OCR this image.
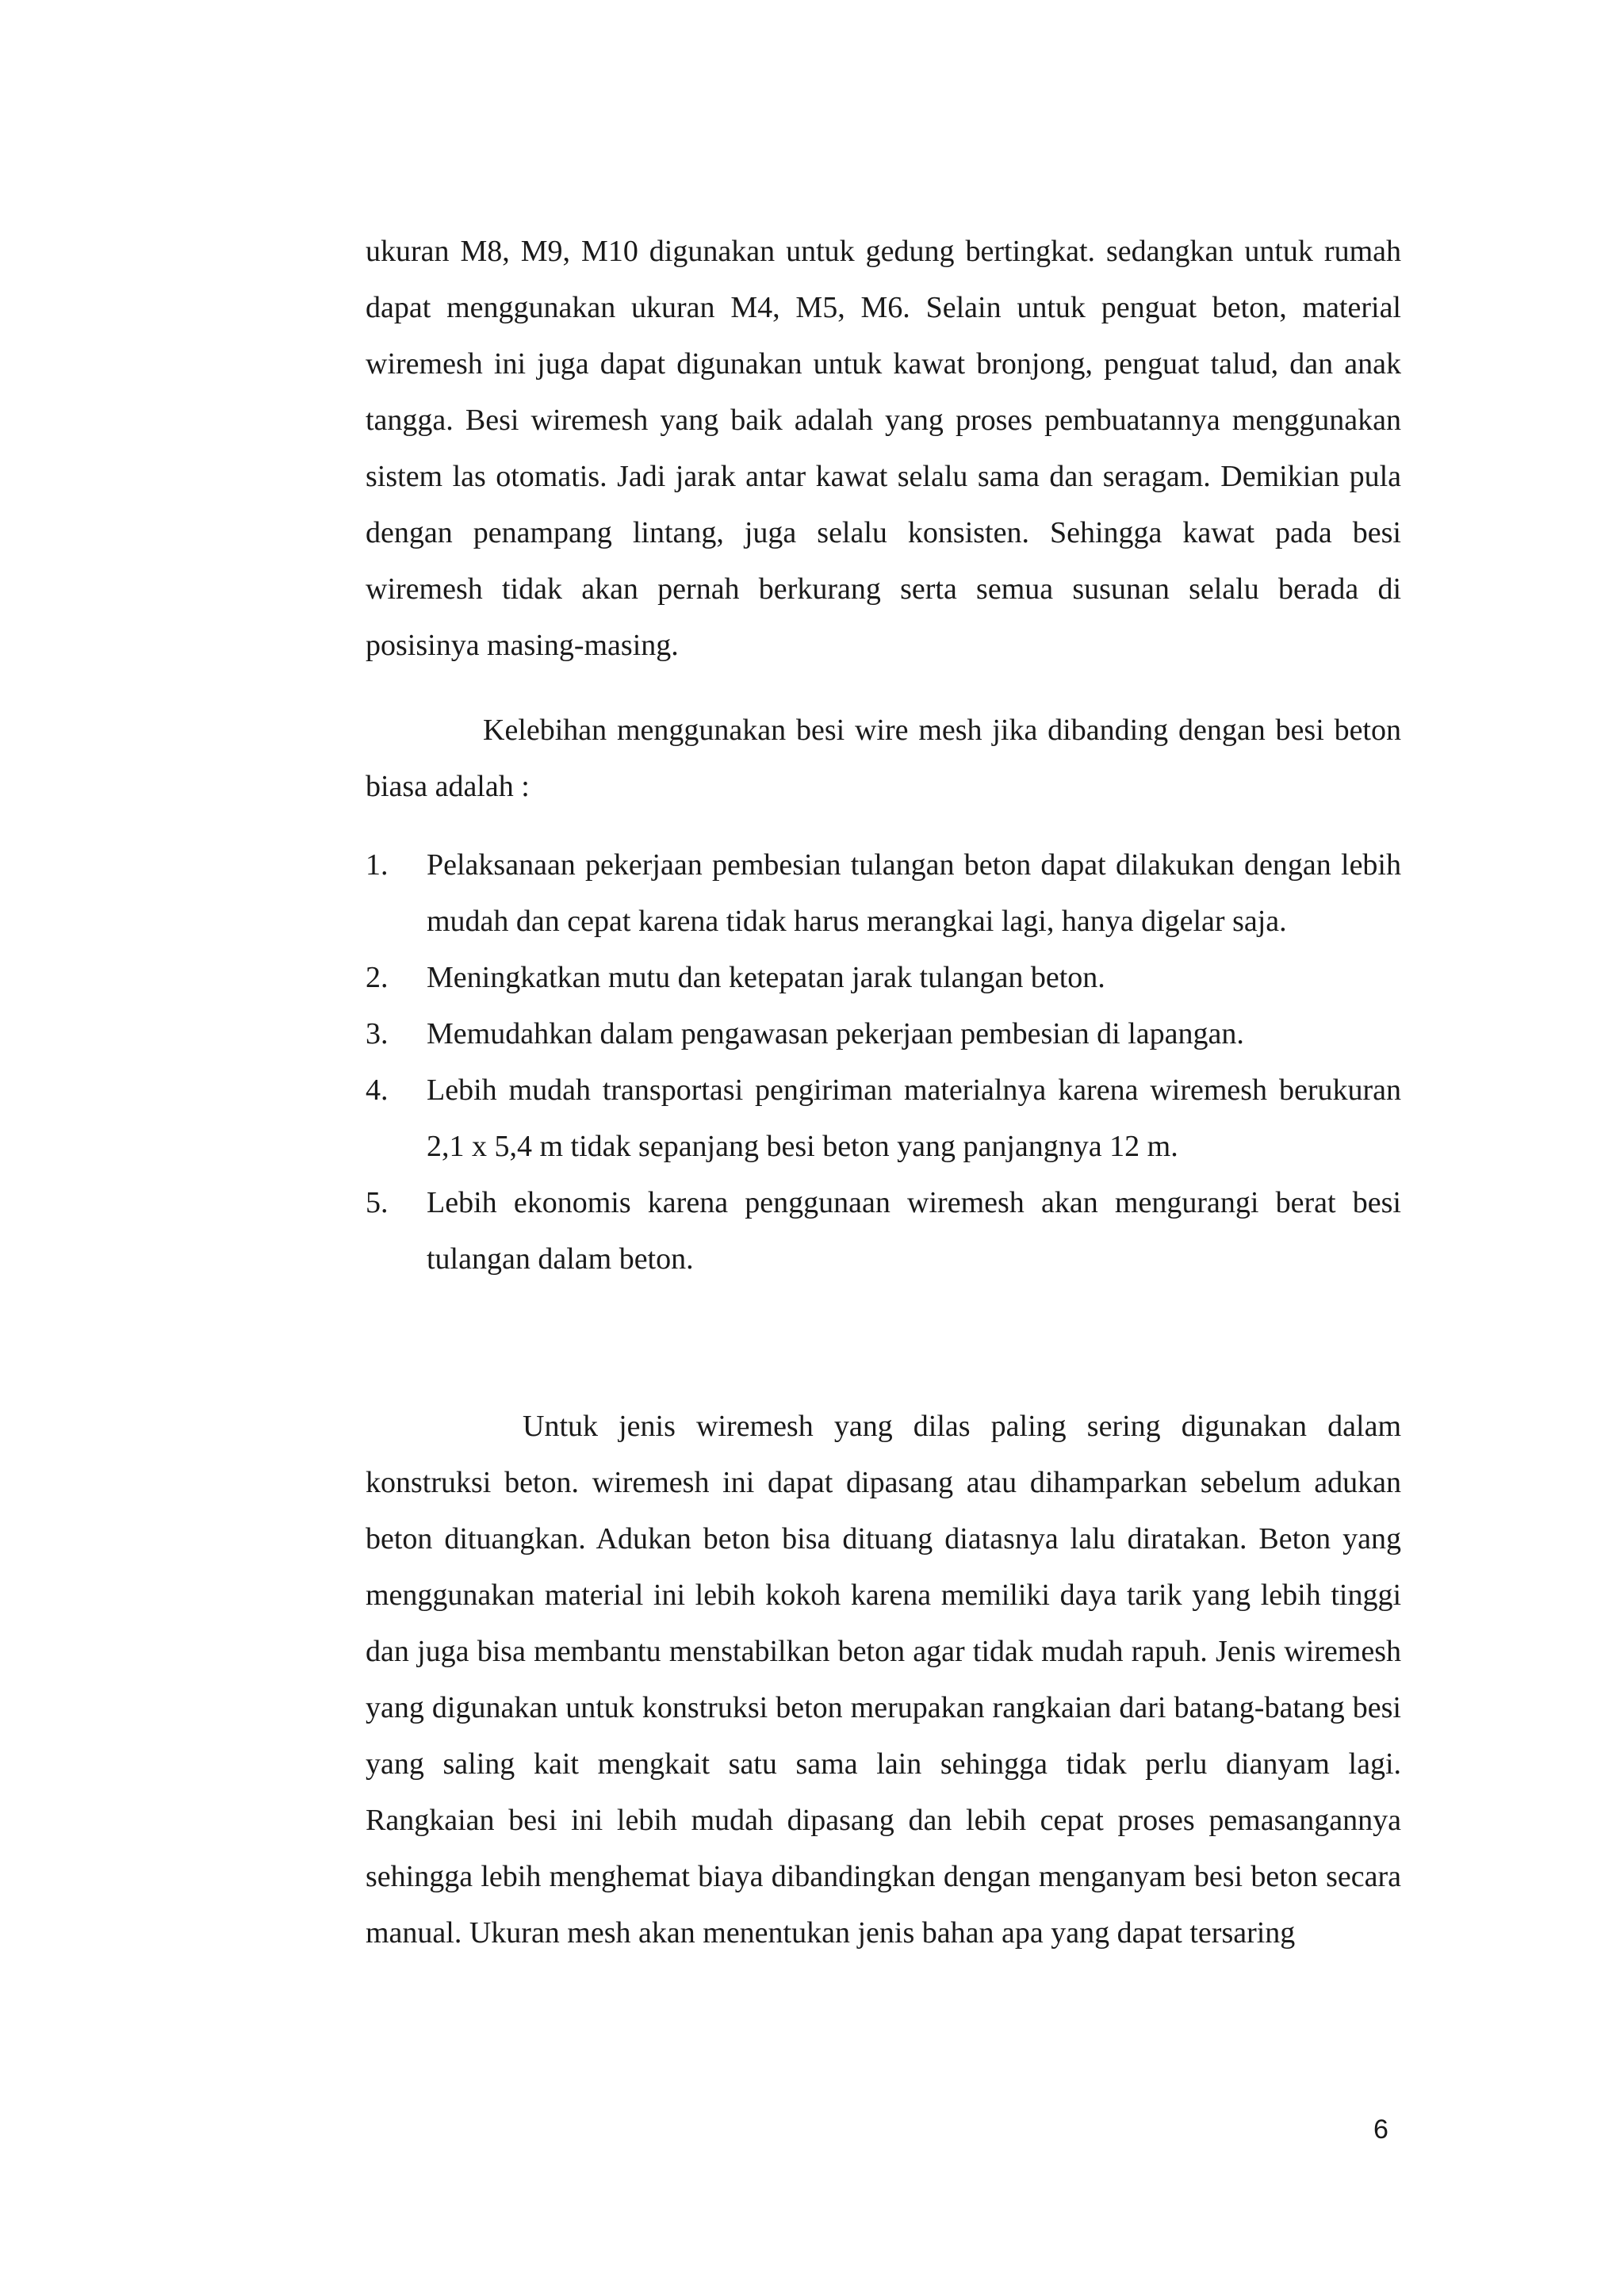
ukuran M8, M9, M10 digunakan untuk gedung bertingkat. sedangkan untuk rumah dapat menggunakan ukuran M4, M5, M6. Selain untuk penguat beton, material wiremesh ini juga dapat digunakan untuk kawat bronjong, penguat talud, dan anak tangga. Besi wiremesh yang baik adalah yang proses pembuatannya menggunakan sistem las otomatis. Jadi jarak antar kawat selalu sama dan seragam. Demikian pula dengan penampang lintang, juga selalu konsisten. Sehingga kawat pada besi wiremesh tidak akan pernah berkurang serta semua susunan selalu berada di posisinya masing-masing.

Kelebihan menggunakan besi wire mesh jika dibanding dengan besi beton biasa adalah :

1. Pelaksanaan pekerjaan pembesian tulangan beton dapat dilakukan dengan lebih mudah dan cepat karena tidak harus merangkai lagi, hanya digelar saja.
2. Meningkatkan mutu dan ketepatan jarak tulangan beton.
3. Memudahkan dalam pengawasan pekerjaan pembesian di lapangan.
4. Lebih mudah transportasi pengiriman materialnya karena wiremesh berukuran 2,1 x 5,4 m tidak sepanjang besi beton yang panjangnya 12 m.
5. Lebih ekonomis karena penggunaan wiremesh akan mengurangi berat besi tulangan dalam beton.

Untuk jenis wiremesh yang dilas paling sering digunakan dalam konstruksi beton. wiremesh ini dapat dipasang atau dihamparkan sebelum adukan beton dituangkan. Adukan beton bisa dituang diatasnya lalu diratakan. Beton yang menggunakan material ini lebih kokoh karena memiliki daya tarik yang lebih tinggi dan juga bisa membantu menstabilkan beton agar tidak mudah rapuh. Jenis wiremesh yang digunakan untuk konstruksi beton merupakan rangkaian dari batang-batang besi yang saling kait mengkait satu sama lain sehingga tidak perlu dianyam lagi. Rangkaian besi ini lebih mudah dipasang dan lebih cepat proses pemasangannya sehingga lebih menghemat biaya dibandingkan dengan menganyam besi beton secara manual. Ukuran mesh akan menentukan jenis bahan apa yang dapat tersaring

6
